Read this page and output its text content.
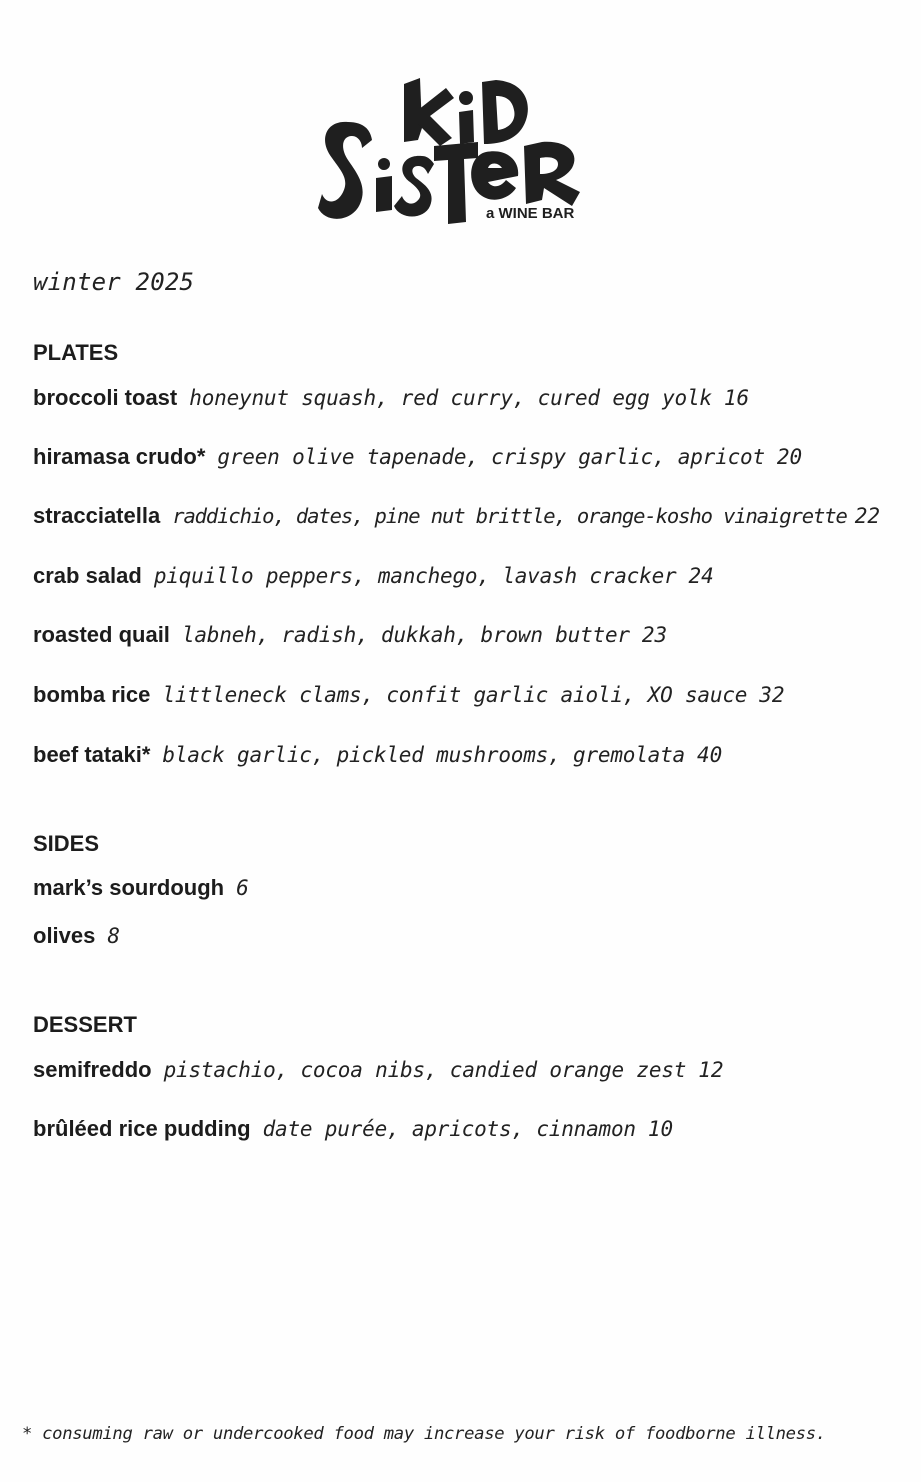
a WINE BAR
winter 2025
PLATES
broccoli toast honeynut squash, red curry, cured egg yolk 16
hiramasa crudo* green olive tapenade, crispy garlic, apricot 20
stracciatella raddichio, dates, pine nut brittle, orange-kosho vinaigrette 22
crab salad piquillo peppers, manchego, lavash cracker 24
roasted quail labneh, radish, dukkah, brown butter 23
bomba rice littleneck clams, confit garlic aioli, XO sauce 32
beef tataki* black garlic, pickled mushrooms, gremolata 40
SIDES
mark’s sourdough 6
olives 8
DESSERT
semifreddo pistachio, cocoa nibs, candied orange zest 12
brûléed rice pudding date purée, apricots, cinnamon 10
* consuming raw or undercooked food may increase your risk of foodborne illness.
